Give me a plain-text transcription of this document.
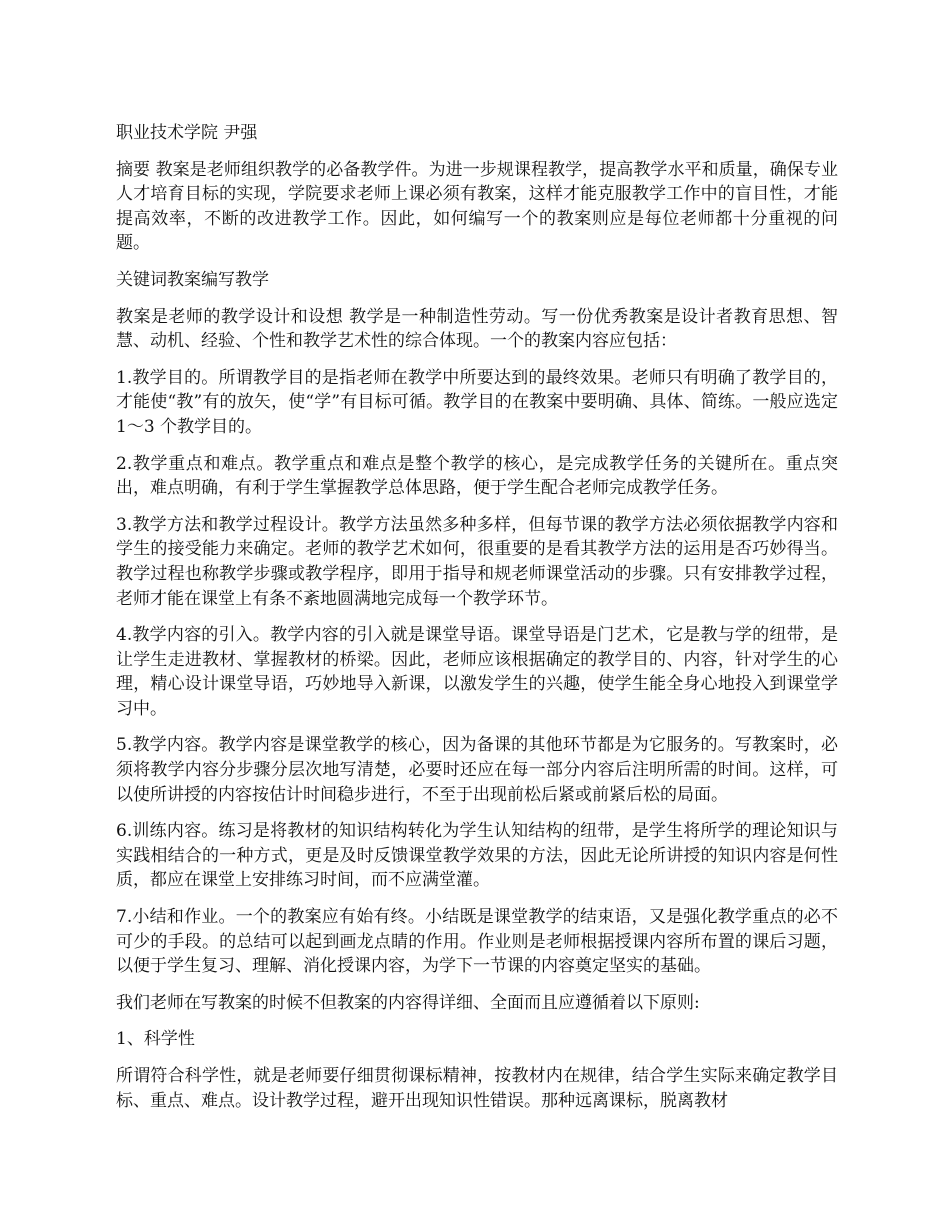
职业技术学院 尹强

摘要 教案是老师组织教学的必备教学件。为进一步规课程教学，提高教学水平和质量，确保专业人才培育目标的实现，学院要求老师上课必须有教案，这样才能克服教学工作中的盲目性，才能提高效率，不断的改进教学工作。因此，如何编写一个的教案则应是每位老师都十分重视的问题。

关键词教案编写教学

教案是老师的教学设计和设想 教学是一种制造性劳动。写一份优秀教案是设计者教育思想、智慧、动机、经验、个性和教学艺术性的综合体现。一个的教案内容应包括：

1.教学目的。所谓教学目的是指老师在教学中所要达到的最终效果。老师只有明确了教学目的，才能使“教”有的放矢，使“学”有目标可循。教学目的在教案中要明确、具体、简练。一般应选定 1～3 个教学目的。

2.教学重点和难点。教学重点和难点是整个教学的核心，是完成教学任务的关键所在。重点突出，难点明确，有利于学生掌握教学总体思路，便于学生配合老师完成教学任务。

3.教学方法和教学过程设计。教学方法虽然多种多样，但每节课的教学方法必须依据教学内容和学生的接受能力来确定。老师的教学艺术如何，很重要的是看其教学方法的运用是否巧妙得当。教学过程也称教学步骤或教学程序，即用于指导和规老师课堂活动的步骤。只有安排教学过程，老师才能在课堂上有条不紊地圆满地完成每一个教学环节。

4.教学内容的引入。教学内容的引入就是课堂导语。课堂导语是门艺术，它是教与学的纽带，是让学生走进教材、掌握教材的桥梁。因此，老师应该根据确定的教学目的、内容，针对学生的心理，精心设计课堂导语，巧妙地导入新课，以激发学生的兴趣，使学生能全身心地投入到课堂学习中。

5.教学内容。教学内容是课堂教学的核心，因为备课的其他环节都是为它服务的。写教案时，必须将教学内容分步骤分层次地写清楚，必要时还应在每一部分内容后注明所需的时间。这样，可以使所讲授的内容按估计时间稳步进行，不至于出现前松后紧或前紧后松的局面。

6.训练内容。练习是将教材的知识结构转化为学生认知结构的纽带，是学生将所学的理论知识与实践相结合的一种方式，更是及时反馈课堂教学效果的方法，因此无论所讲授的知识内容是何性质，都应在课堂上安排练习时间，而不应满堂灌。

7.小结和作业。一个的教案应有始有终。小结既是课堂教学的结束语，又是强化教学重点的必不可少的手段。的总结可以起到画龙点睛的作用。作业则是老师根据授课内容所布置的课后习题，以便于学生复习、理解、消化授课内容，为学下一节课的内容奠定坚实的基础。

我们老师在写教案的时候不但教案的内容得详细、全面而且应遵循着以下原则:

1、科学性

所谓符合科学性，就是老师要仔细贯彻课标精神，按教材内在规律，结合学生实际来确定教学目标、重点、难点。设计教学过程，避开出现知识性错误。那种远离课标，脱离教材
